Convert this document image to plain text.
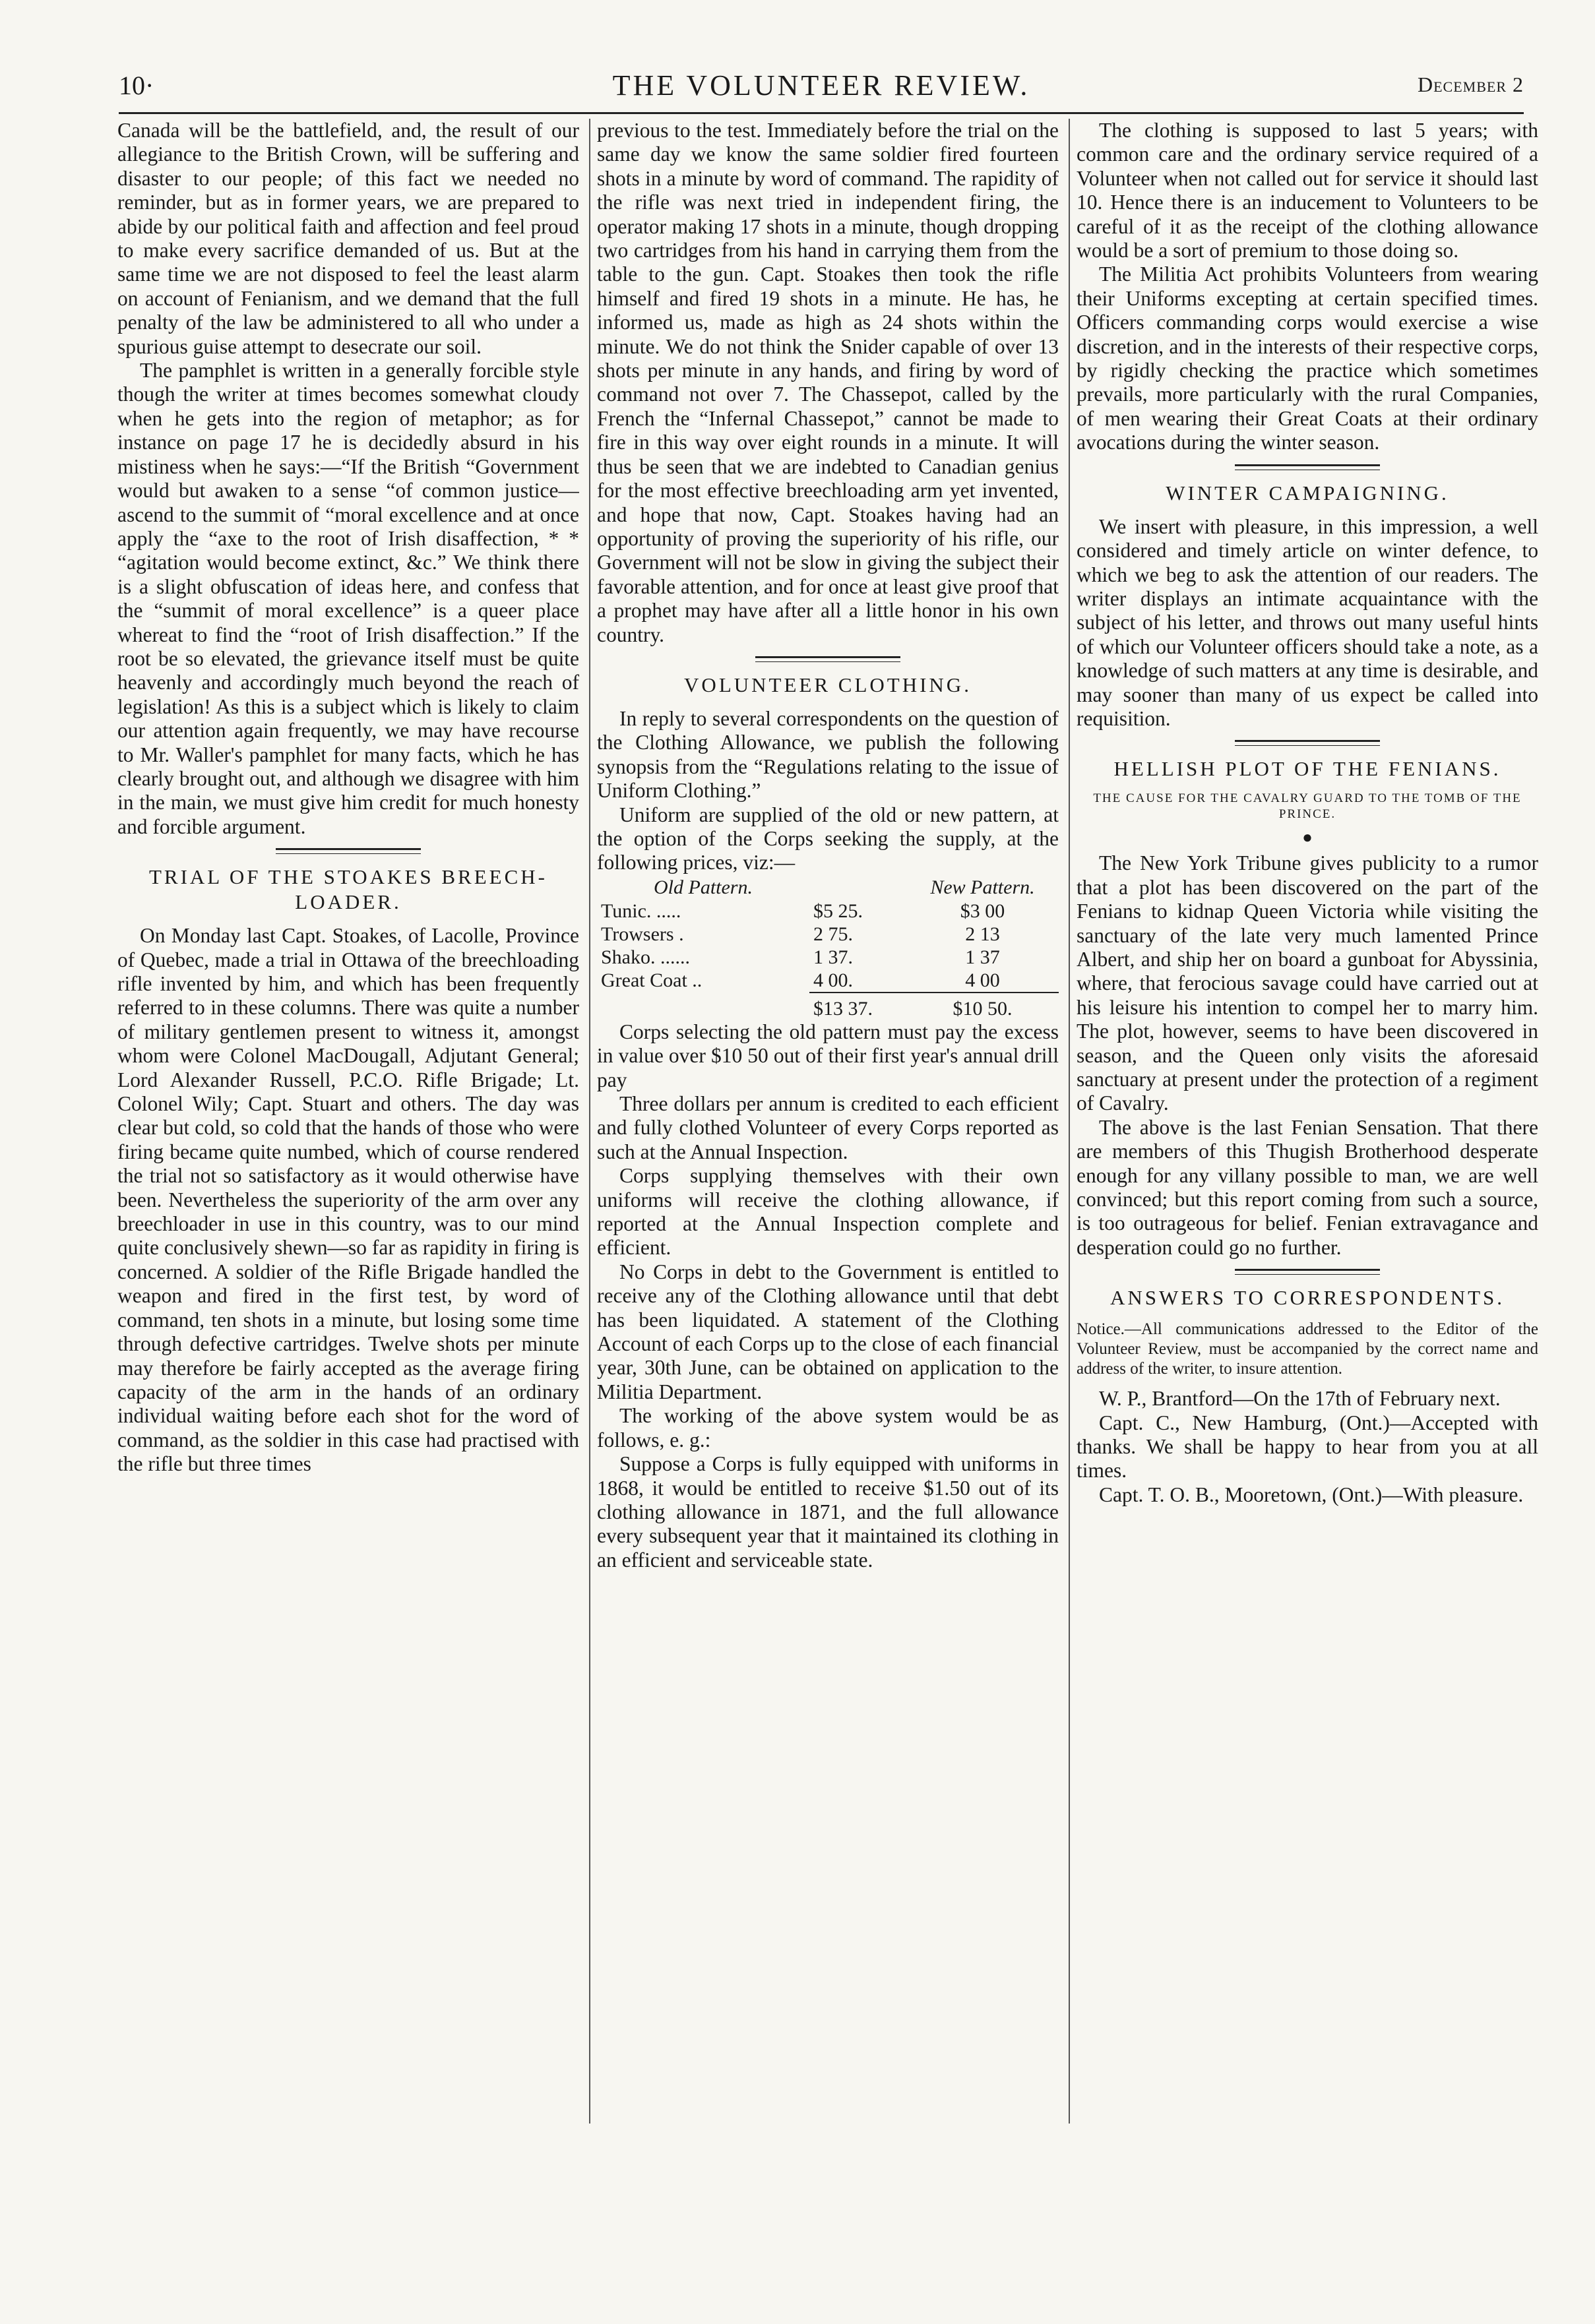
10·	THE VOLUNTEER REVIEW.	December 2

Canada will be the battlefield, and, the result of our allegiance to the British Crown, will be suffering and disaster to our people; of this fact we needed no reminder, but as in former years, we are prepared to abide by our political faith and affection and feel proud to make every sacrifice demanded of us. But at the same time we are not disposed to feel the least alarm on account of Fenianism, and we demand that the full penalty of the law be administered to all who under a spurious guise attempt to desecrate our soil.

The pamphlet is written in a generally forcible style though the writer at times becomes somewhat cloudy when he gets into the region of metaphor; as for instance on page 17 he is decidedly absurd in his mistiness when he says:—“If the British “Government would but awaken to a sense “of common justice—ascend to the summit of “moral excellence and at once apply the “axe to the root of Irish disaffection, * * “agitation would become extinct, &c.” We think there is a slight obfuscation of ideas here, and confess that the “summit of moral excellence” is a queer place whereat to find the “root of Irish disaffection.” If the root be so elevated, the grievance itself must be quite heavenly and accordingly much beyond the reach of legislation! As this is a subject which is likely to claim our attention again frequently, we may have recourse to Mr. Waller's pamphlet for many facts, which he has clearly brought out, and although we disagree with him in the main, we must give him credit for much honesty and forcible argument.

TRIAL OF THE STOAKES BREECH-LOADER.

On Monday last Capt. Stoakes, of Lacolle, Province of Quebec, made a trial in Ottawa of the breechloading rifle invented by him, and which has been frequently referred to in these columns. There was quite a number of military gentlemen present to witness it, amongst whom were Colonel MacDougall, Adjutant General; Lord Alexander Russell, P.C.O. Rifle Brigade; Lt. Colonel Wily; Capt. Stuart and others. The day was clear but cold, so cold that the hands of those who were firing became quite numbed, which of course rendered the trial not so satisfactory as it would otherwise have been. Nevertheless the superiority of the arm over any breechloader in use in this country, was to our mind quite conclusively shewn—so far as rapidity in firing is concerned. A soldier of the Rifle Brigade handled the weapon and fired in the first test, by word of command, ten shots in a minute, but losing some time through defective cartridges. Twelve shots per minute may therefore be fairly accepted as the average firing capacity of the arm in the hands of an ordinary individual waiting before each shot for the word of command, as the soldier in this case had practised with the rifle but three times

previous to the test. Immediately before the trial on the same day we know the same soldier fired fourteen shots in a minute by word of command. The rapidity of the rifle was next tried in independent firing, the operator making 17 shots in a minute, though dropping two cartridges from his hand in carrying them from the table to the gun. Capt. Stoakes then took the rifle himself and fired 19 shots in a minute. He has, he informed us, made as high as 24 shots within the minute. We do not think the Snider capable of over 13 shots per minute in any hands, and firing by word of command not over 7. The Chassepot, called by the French the “Infernal Chassepot,” cannot be made to fire in this way over eight rounds in a minute. It will thus be seen that we are indebted to Canadian genius for the most effective breechloading arm yet invented, and hope that now, Capt. Stoakes having had an opportunity of proving the superiority of his rifle, our Government will not be slow in giving the subject their favorable attention, and for once at least give proof that a prophet may have after all a little honor in his own country.

VOLUNTEER CLOTHING.

In reply to several correspondents on the question of the Clothing Allowance, we publish the following synopsis from the “Regulations relating to the issue of Uniform Clothing.”

Uniform are supplied of the old or new pattern, at the option of the Corps seeking the supply, at the following prices, viz:—

Old Pattern.		New Pattern.
Tunic. .....	$5 25.	$3 00
Trowsers .	2 75.	2 13
Shako. ......	1 37.	1 37
Great Coat ..	4 00.	4 00
	$13 37.	$10 50.

Corps selecting the old pattern must pay the excess in value over $10 50 out of their first year's annual drill pay

Three dollars per annum is credited to each efficient and fully clothed Volunteer of every Corps reported as such at the Annual Inspection.

Corps supplying themselves with their own uniforms will receive the clothing allowance, if reported at the Annual Inspection complete and efficient.

No Corps in debt to the Government is entitled to receive any of the Clothing allowance until that debt has been liquidated. A statement of the Clothing Account of each Corps up to the close of each financial year, 30th June, can be obtained on application to the Militia Department.

The working of the above system would be as follows, e. g.:

Suppose a Corps is fully equipped with uniforms in 1868, it would be entitled to receive $1.50 out of its clothing allowance in 1871, and the full allowance every subsequent year that it maintained its clothing in an efficient and serviceable state.

The clothing is supposed to last 5 years; with common care and the ordinary service required of a Volunteer when not called out for service it should last 10. Hence there is an inducement to Volunteers to be careful of it as the receipt of the clothing allowance would be a sort of premium to those doing so.

The Militia Act prohibits Volunteers from wearing their Uniforms excepting at certain specified times. Officers commanding corps would exercise a wise discretion, and in the interests of their respective corps, by rigidly checking the practice which sometimes prevails, more particularly with the rural Companies, of men wearing their Great Coats at their ordinary avocations during the winter season.

WINTER CAMPAIGNING.

We insert with pleasure, in this impression, a well considered and timely article on winter defence, to which we beg to ask the attention of our readers. The writer displays an intimate acquaintance with the subject of his letter, and throws out many useful hints of which our Volunteer officers should take a note, as a knowledge of such matters at any time is desirable, and may sooner than many of us expect be called into requisition.

HELLISH PLOT OF THE FENIANS.
THE CAUSE FOR THE CAVALRY GUARD TO THE TOMB OF THE PRINCE.
●

The New York Tribune gives publicity to a rumor that a plot has been discovered on the part of the Fenians to kidnap Queen Victoria while visiting the sanctuary of the late very much lamented Prince Albert, and ship her on board a gunboat for Abyssinia, where, that ferocious savage could have carried out at his leisure his intention to compel her to marry him. The plot, however, seems to have been discovered in season, and the Queen only visits the aforesaid sanctuary at present under the protection of a regiment of Cavalry.

The above is the last Fenian Sensation. That there are members of this Thugish Brotherhood desperate enough for any villany possible to man, we are well convinced; but this report coming from such a source, is too outrageous for belief. Fenian extravagance and desperation could go no further.

ANSWERS TO CORRESPONDENTS.

Notice.—All communications addressed to the Editor of the Volunteer Review, must be accompanied by the correct name and address of the writer, to insure attention.

W. P., Brantford—On the 17th of February next.

Capt. C., New Hamburg, (Ont.)—Accepted with thanks. We shall be happy to hear from you at all times.

Capt. T. O. B., Mooretown, (Ont.)—With pleasure.
